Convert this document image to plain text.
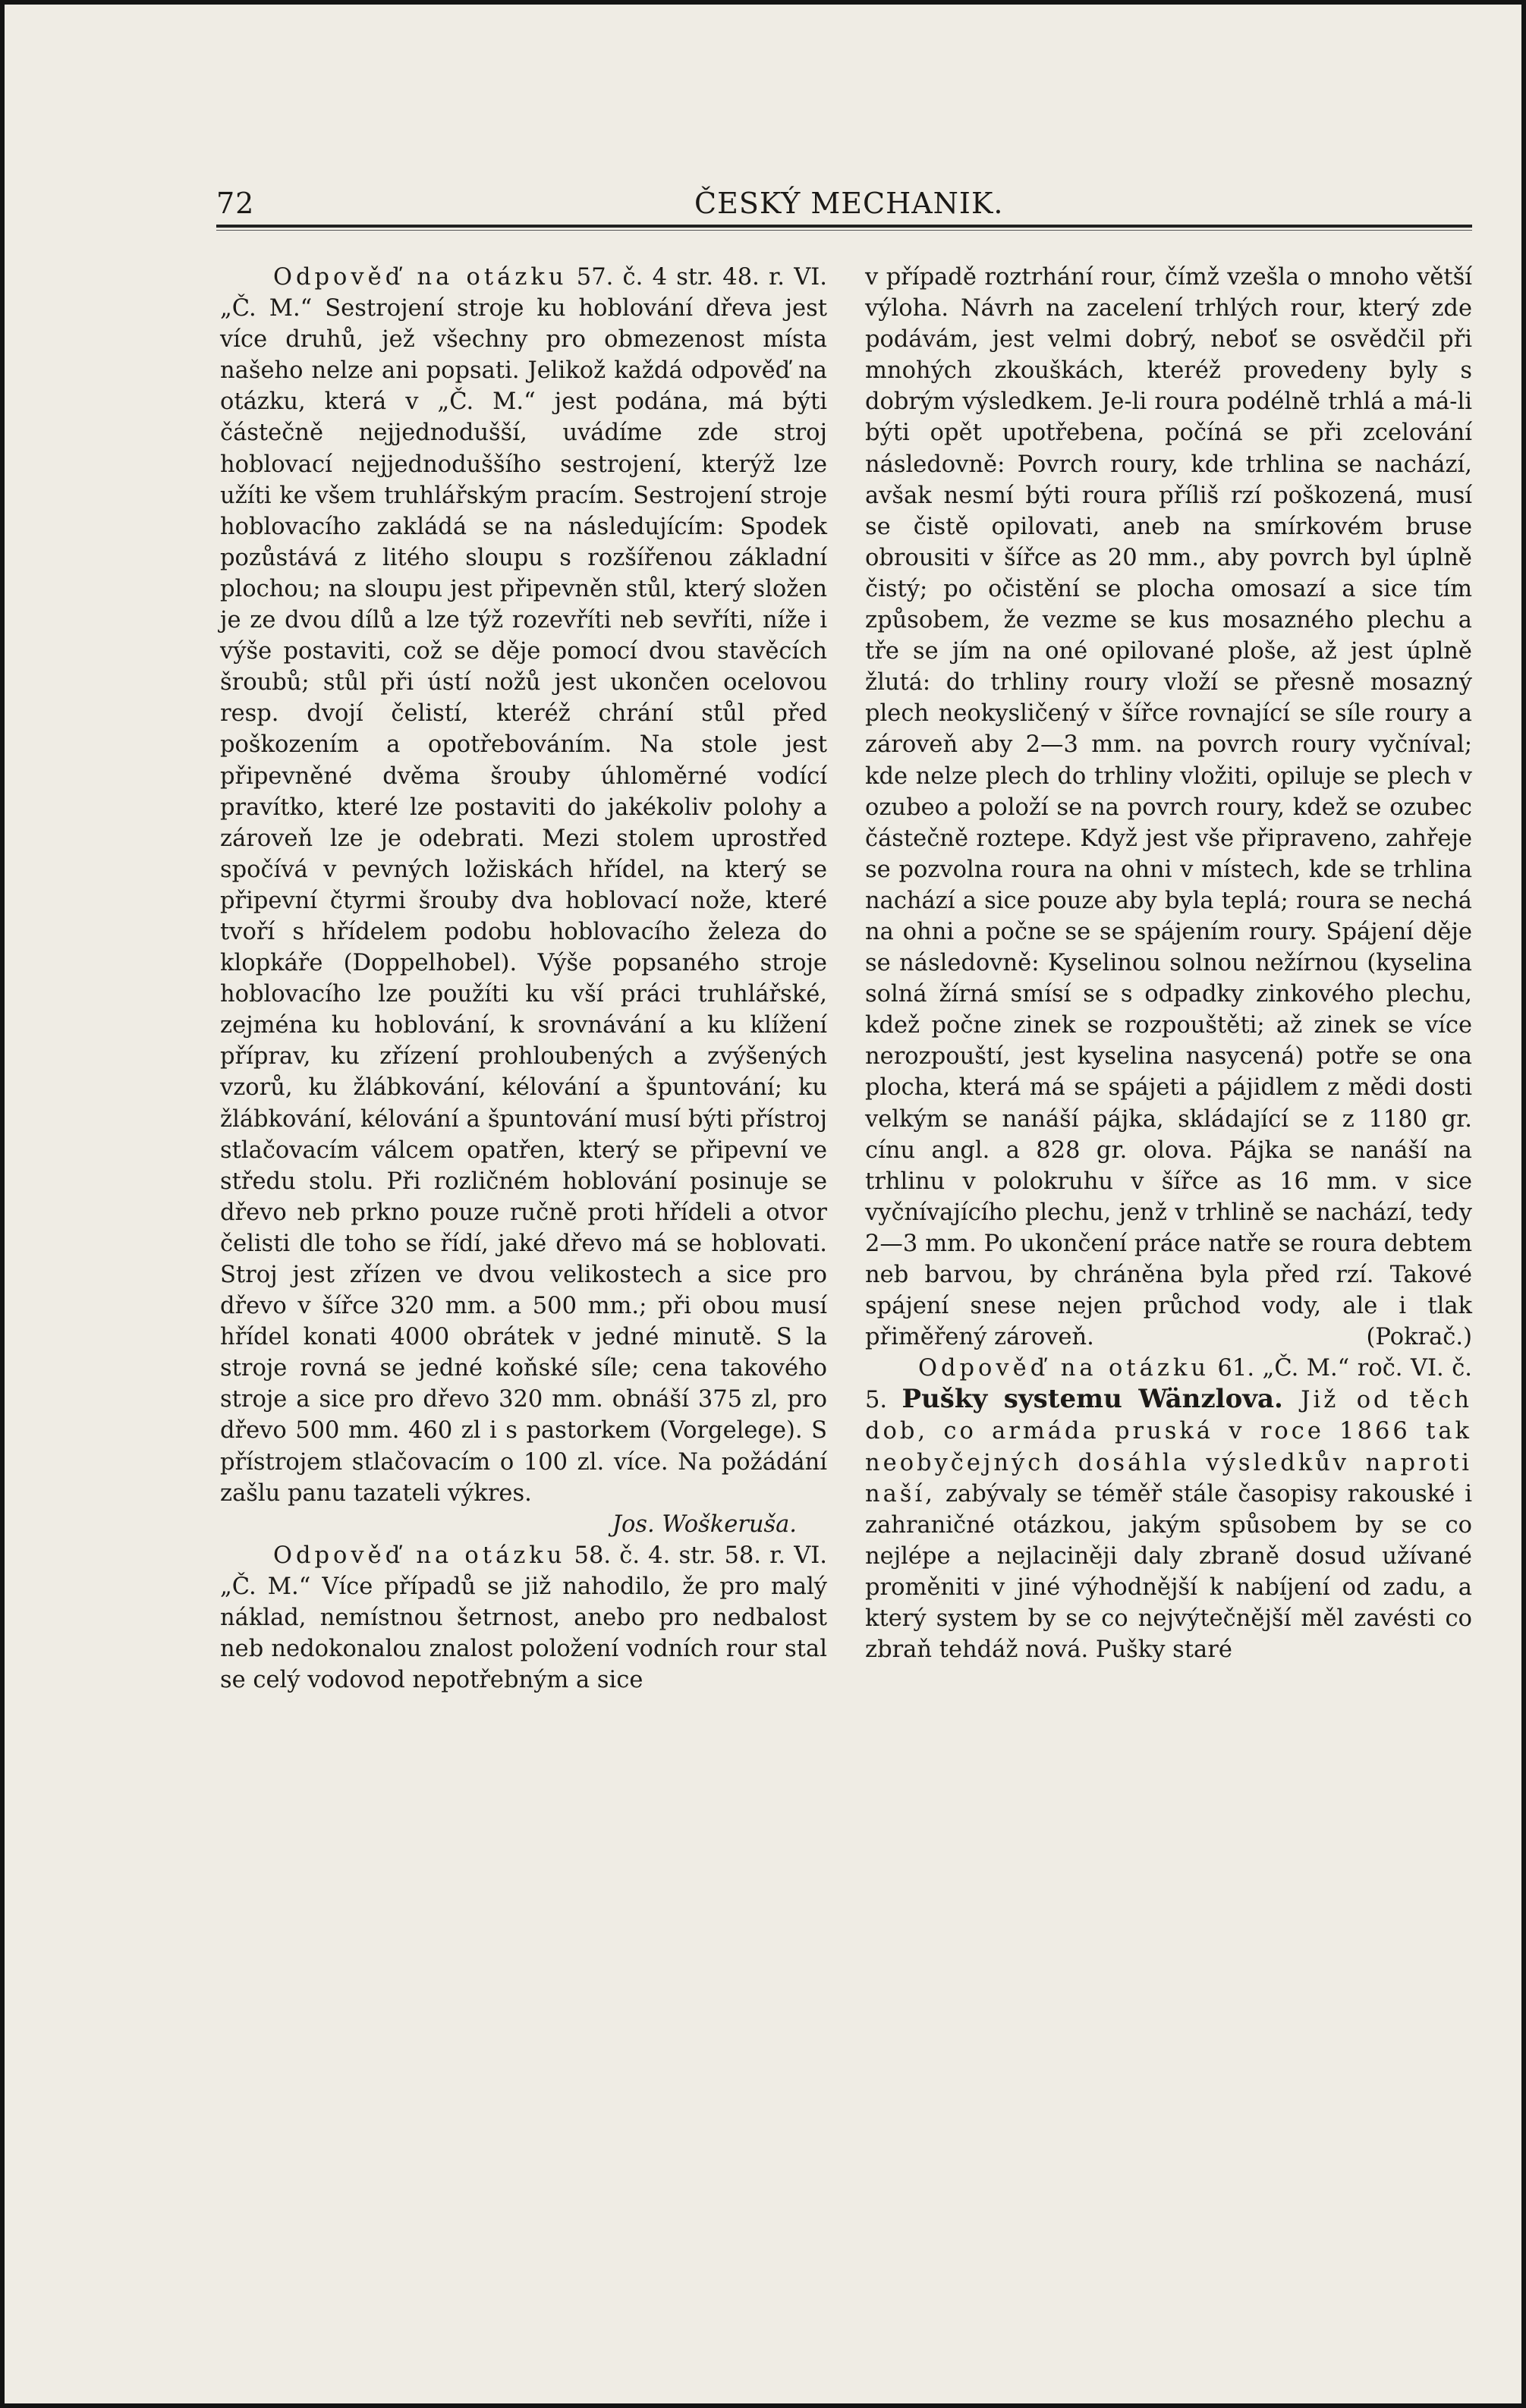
72	ČESKÝ MECHANIK.

Odpověď na otázku 57. č. 4 str. 48. r. VI. „Č. M.“ Sestrojení stroje ku hoblování dřeva jest více druhů, jež všechny pro obmezenost místa našeho nelze ani popsati. Jelikož každá odpověď na otázku, která v „Č. M.“ jest podána, má býti částečně nejjednodušší, uvádíme zde stroj hoblovací nejjednoduššího sestrojení, kterýž lze užíti ke všem truhlářským pracím. Sestrojení stroje hoblovacího zakládá se na následujícím: Spodek pozůstává z litého sloupu s rozšířenou základní plochou; na sloupu jest připevněn stůl, který složen je ze dvou dílů a lze týž rozevříti neb sevříti, níže i výše postaviti, což se děje pomocí dvou stavěcích šroubů; stůl při ústí nožů jest ukončen ocelovou resp. dvojí čelistí, kteréž chrání stůl před poškozením a opotřebováním. Na stole jest připevněné dvěma šrouby úhloměrné vodící pravítko, které lze postaviti do jakékoliv polohy a zároveň lze je odebrati. Mezi stolem uprostřed spočívá v pevných ložiskách hřídel, na který se připevní čtyrmi šrouby dva hoblovací nože, které tvoří s hřídelem podobu hoblovacího železa do klopkáře (Doppelhobel). Výše popsaného stroje hoblovacího lze použíti ku vší práci truhlářské, zejména ku hoblování, k srovnávání a ku klížení příprav, ku zřízení prohloubených a zvýšených vzorů, ku žlábkování, kélování a špuntování; ku žlábkování, kélování a špuntování musí býti přístroj stlačovacím válcem opatřen, který se připevní ve středu stolu. Při rozličném hoblování posinuje se dřevo neb prkno pouze ručně proti hřídeli a otvor čelisti dle toho se řídí, jaké dřevo má se hoblovati. Stroj jest zřízen ve dvou velikostech a sice pro dřevo v šířce 320 mm. a 500 mm.; při obou musí hřídel konati 4000 obrátek v jedné minutě. S la stroje rovná se jedné koňské síle; cena takového stroje a sice pro dřevo 320 mm. obnáší 375 zl, pro dřevo 500 mm. 460 zl i s pastorkem (Vorgelege). S přístrojem stlačovacím o 100 zl. více. Na požádání zašlu panu tazateli výkres.

Jos. Woškeruša.

Odpověď na otázku 58. č. 4. str. 58. r. VI. „Č. M.“ Více případů se již nahodilo, že pro malý náklad, nemístnou šetrnost, anebo pro nedbalost neb nedokonalou znalost položení vodních rour stal se celý vodovod nepotřebným a sice

v případě roztrhání rour, čímž vzešla o mnoho větší výloha. Návrh na zacelení trhlých rour, který zde podávám, jest velmi dobrý, neboť se osvědčil při mnohých zkouškách, kteréž provedeny byly s dobrým výsledkem. Je-li roura podélně trhlá a má-li býti opět upotřebena, počíná se při zcelování následovně: Povrch roury, kde trhlina se nachází, avšak nesmí býti roura příliš rzí poškozená, musí se čistě opilovati, aneb na smírkovém bruse obrousiti v šířce as 20 mm., aby povrch byl úplně čistý; po očistění se plocha omosazí a sice tím způsobem, že vezme se kus mosazného plechu a tře se jím na oné opilované ploše, až jest úplně žlutá: do trhliny roury vloží se přesně mosazný plech neokysličený v šířce rovnající se síle roury a zároveň aby 2—3 mm. na povrch roury vyčníval; kde nelze plech do trhliny vložiti, opiluje se plech v ozubeo a položí se na povrch roury, kdež se ozubec částečně roztepe. Když jest vše připraveno, zahřeje se pozvolna roura na ohni v místech, kde se trhlina nachází a sice pouze aby byla teplá; roura se nechá na ohni a počne se se spájením roury. Spájení děje se následovně: Kyselinou solnou nežírnou (kyselina solná žírná smísí se s odpadky zinkového plechu, kdež počne zinek se rozpouštěti; až zinek se více nerozpouští, jest kyselina nasycená) potře se ona plocha, která má se spájeti a pájidlem z mědi dosti velkým se nanáší pájka, skládající se z 1180 gr. cínu angl. a 828 gr. olova. Pájka se nanáší na trhlinu v polokruhu v šířce as 16 mm. v sice vyčnívajícího plechu, jenž v trhlině se nachází, tedy 2—3 mm. Po ukončení práce natře se roura debtem neb barvou, by chráněna byla před rzí. Takové spájení snese nejen průchod vody, ale i tlak přiměřený zároveň.	(Pokrač.)

Odpověď na otázku 61. „Č. M.“ roč. VI. č. 5. Pušky systemu Wänzlova. Již od těch dob, co armáda pruská v roce 1866 tak neobyčejných dosáhla výsledkův naproti naší, zabývaly se téměř stále časopisy rakouské i zahraničné otázkou, jakým spůsobem by se co nejlépe a nejlaciněji daly zbraně dosud užívané proměniti v jiné výhodnější k nabíjení od zadu, a který system by se co nejvýtečnější měl zavésti co zbraň tehdáž nová. Pušky staré
